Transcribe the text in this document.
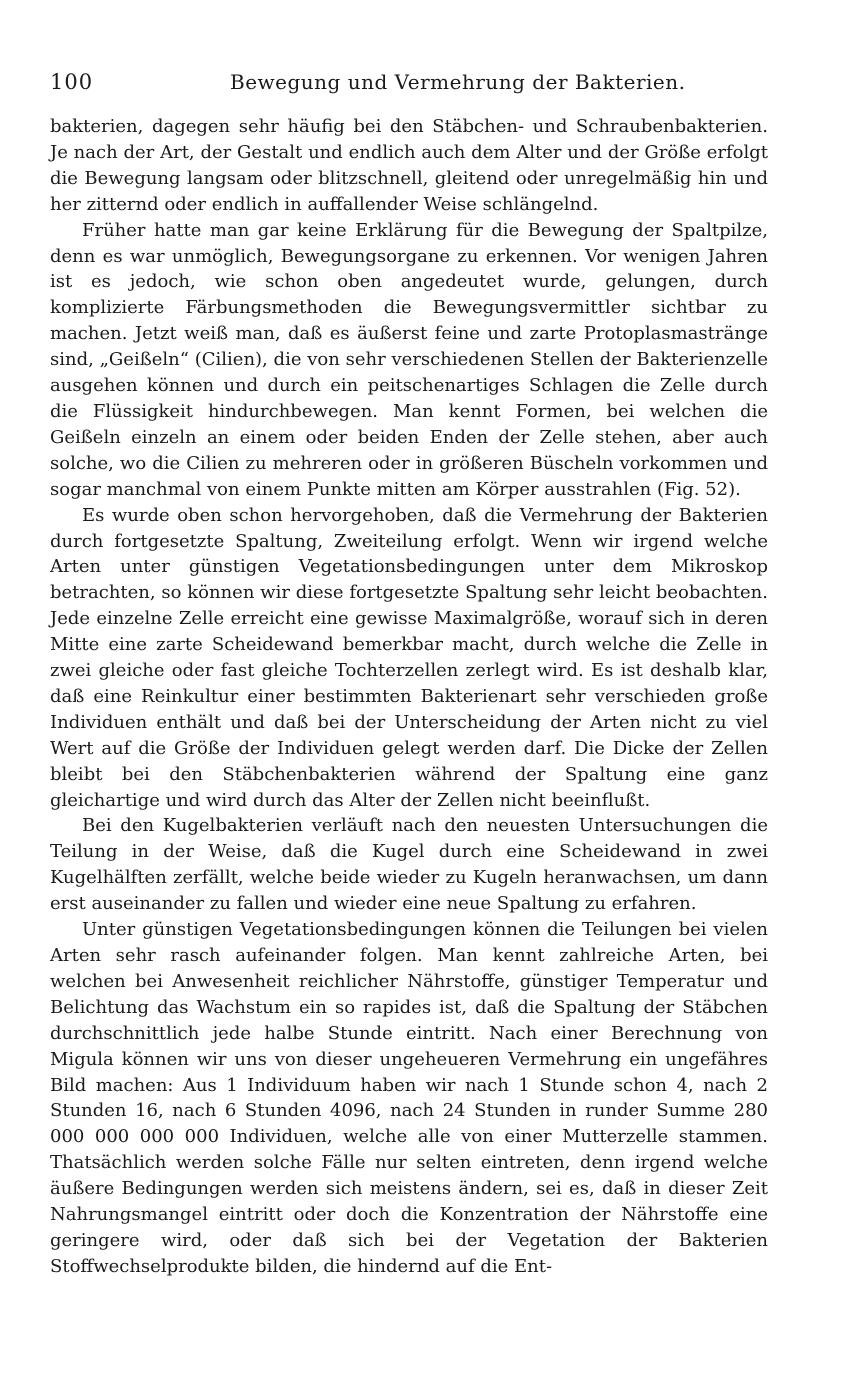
100	Bewegung und Vermehrung der Bakterien.

bakterien, dagegen sehr häufig bei den Stäbchen- und Schraubenbakterien. Je nach der Art, der Gestalt und endlich auch dem Alter und der Größe erfolgt die Bewegung langsam oder blitzschnell, gleitend oder unregelmäßig hin und her zitternd oder endlich in auffallender Weise schlängelnd.

Früher hatte man gar keine Erklärung für die Bewegung der Spaltpilze, denn es war unmöglich, Bewegungsorgane zu erkennen. Vor wenigen Jahren ist es jedoch, wie schon oben angedeutet wurde, gelungen, durch komplizierte Färbungsmethoden die Bewegungsvermittler sichtbar zu machen. Jetzt weiß man, daß es äußerst feine und zarte Protoplasmastränge sind, „Geißeln“ (Cilien), die von sehr verschiedenen Stellen der Bakterienzelle ausgehen können und durch ein peitschenartiges Schlagen die Zelle durch die Flüssigkeit hindurchbewegen. Man kennt Formen, bei welchen die Geißeln einzeln an einem oder beiden Enden der Zelle stehen, aber auch solche, wo die Cilien zu mehreren oder in größeren Büscheln vorkommen und sogar manchmal von einem Punkte mitten am Körper ausstrahlen (Fig. 52).

Es wurde oben schon hervorgehoben, daß die Vermehrung der Bakterien durch fortgesetzte Spaltung, Zweiteilung erfolgt. Wenn wir irgend welche Arten unter günstigen Vegetationsbedingungen unter dem Mikroskop betrachten, so können wir diese fortgesetzte Spaltung sehr leicht beobachten. Jede einzelne Zelle erreicht eine gewisse Maximalgröße, worauf sich in deren Mitte eine zarte Scheidewand bemerkbar macht, durch welche die Zelle in zwei gleiche oder fast gleiche Tochterzellen zerlegt wird. Es ist deshalb klar, daß eine Reinkultur einer bestimmten Bakterienart sehr verschieden große Individuen enthält und daß bei der Unterscheidung der Arten nicht zu viel Wert auf die Größe der Individuen gelegt werden darf. Die Dicke der Zellen bleibt bei den Stäbchenbakterien während der Spaltung eine ganz gleichartige und wird durch das Alter der Zellen nicht beeinflußt.

Bei den Kugelbakterien verläuft nach den neuesten Untersuchungen die Teilung in der Weise, daß die Kugel durch eine Scheidewand in zwei Kugelhälften zerfällt, welche beide wieder zu Kugeln heranwachsen, um dann erst auseinander zu fallen und wieder eine neue Spaltung zu erfahren.

Unter günstigen Vegetationsbedingungen können die Teilungen bei vielen Arten sehr rasch aufeinander folgen. Man kennt zahlreiche Arten, bei welchen bei Anwesenheit reichlicher Nährstoffe, günstiger Temperatur und Belichtung das Wachstum ein so rapides ist, daß die Spaltung der Stäbchen durchschnittlich jede halbe Stunde eintritt. Nach einer Berechnung von Migula können wir uns von dieser ungeheueren Vermehrung ein ungefähres Bild machen: Aus 1 Individuum haben wir nach 1 Stunde schon 4, nach 2 Stunden 16, nach 6 Stunden 4096, nach 24 Stunden in runder Summe 280 000 000 000 000 Individuen, welche alle von einer Mutterzelle stammen. Thatsächlich werden solche Fälle nur selten eintreten, denn irgend welche äußere Bedingungen werden sich meistens ändern, sei es, daß in dieser Zeit Nahrungsmangel eintritt oder doch die Konzentration der Nährstoffe eine geringere wird, oder daß sich bei der Vegetation der Bakterien Stoffwechselprodukte bilden, die hindernd auf die Ent-
